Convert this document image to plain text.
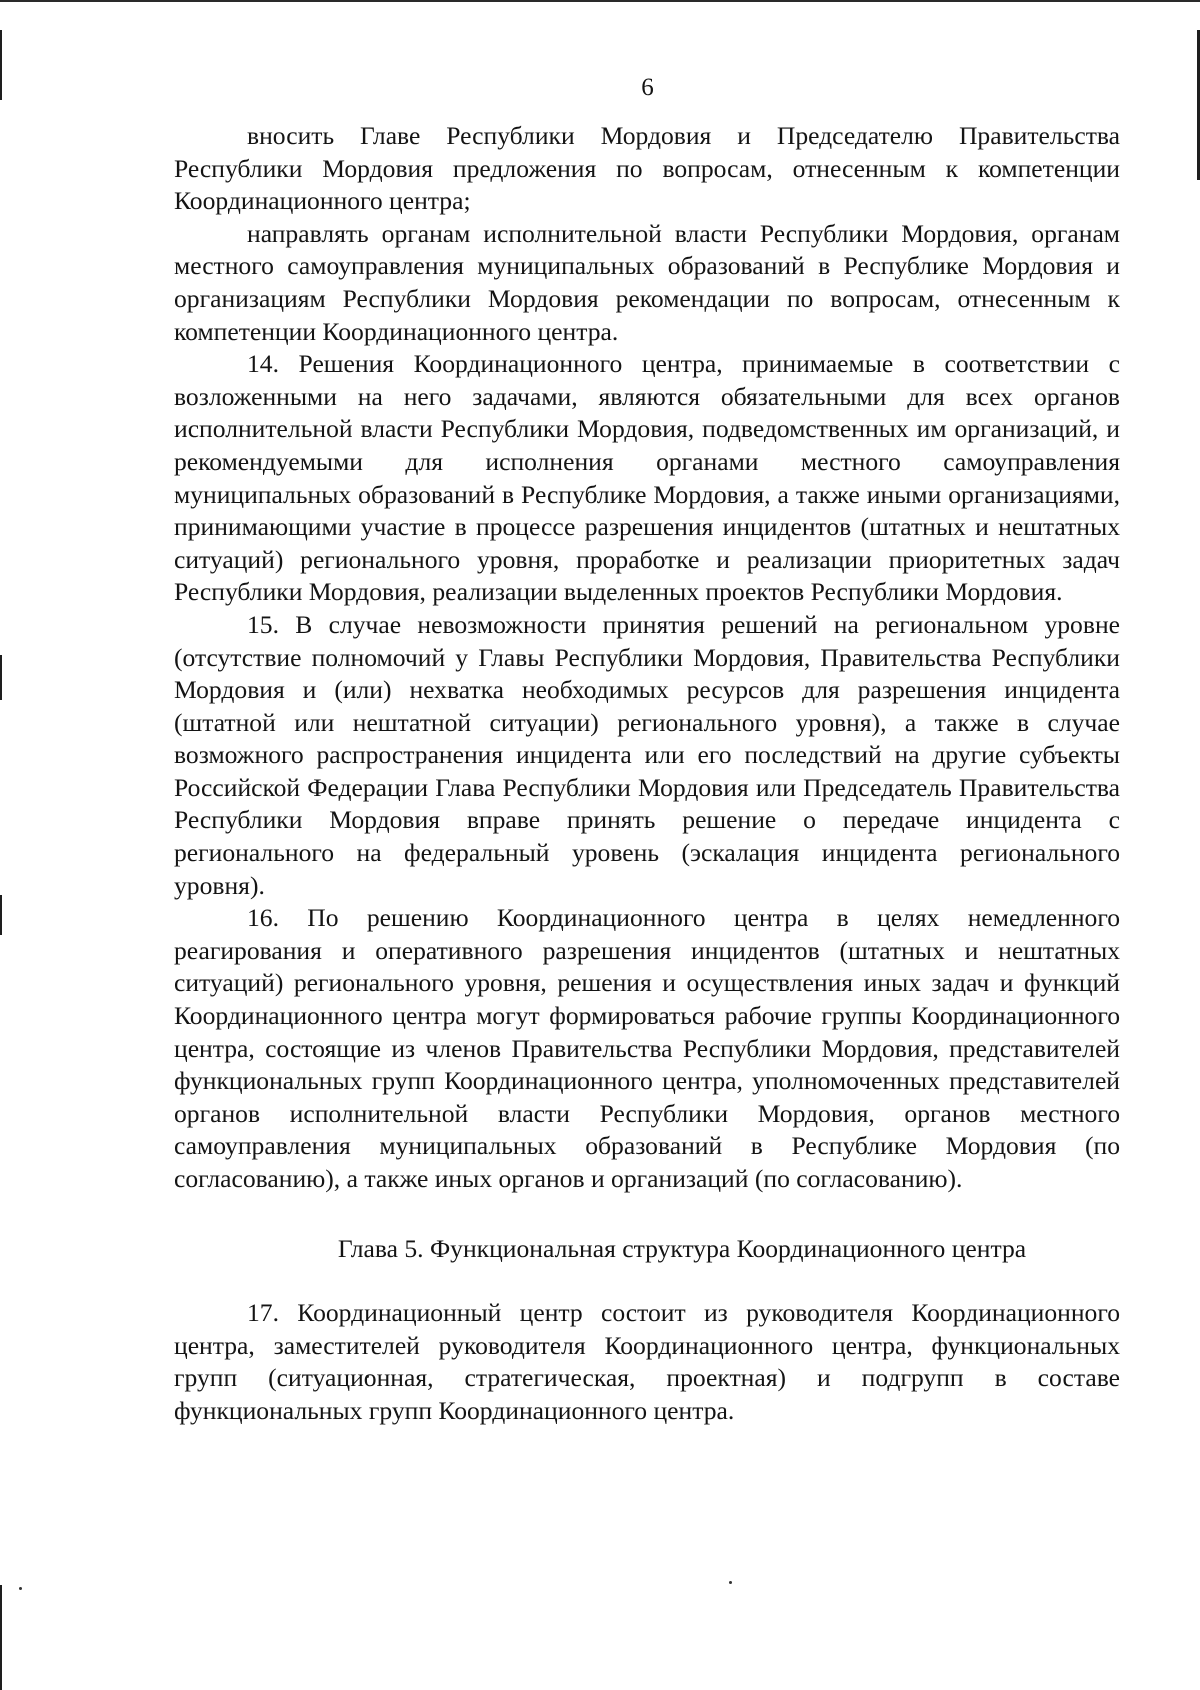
6

вносить Главе Республики Мордовия и Председателю Правительства Республики Мордовия предложения по вопросам, отнесенным к компетенции Координационного центра;

направлять органам исполнительной власти Республики Мордовия, органам местного самоуправления муниципальных образований в Республике Мордовия и организациям Республики Мордовия рекомендации по вопросам, отнесенным к компетенции Координационного центра.

14. Решения Координационного центра, принимаемые в соответствии с возложенными на него задачами, являются обязательными для всех органов исполнительной власти Республики Мордовия, подведомственных им организаций, и рекомендуемыми для исполнения органами местного самоуправления муниципальных образований в Республике Мордовия, а также иными организациями, принимающими участие в процессе разрешения инцидентов (штатных и нештатных ситуаций) регионального уровня, проработке и реализации приоритетных задач Республики Мордовия, реализации выделенных проектов Республики Мордовия.

15. В случае невозможности принятия решений на региональном уровне (отсутствие полномочий у Главы Республики Мордовия, Правительства Республики Мордовия и (или) нехватка необходимых ресурсов для разрешения инцидента (штатной или нештатной ситуации) регионального уровня), а также в случае возможного распространения инцидента или его последствий на другие субъекты Российской Федерации Глава Республики Мордовия или Председатель Правительства Республики Мордовия вправе принять решение о передаче инцидента с регионального на федеральный уровень (эскалация инцидента регионального уровня).

16. По решению Координационного центра в целях немедленного реагирования и оперативного разрешения инцидентов (штатных и нештатных ситуаций) регионального уровня, решения и осуществления иных задач и функций Координационного центра могут формироваться рабочие группы Координационного центра, состоящие из членов Правительства Республики Мордовия, представителей функциональных групп Координационного центра, уполномоченных представителей органов исполнительной власти Республики Мордовия, органов местного самоуправления муниципальных образований в Республике Мордовия (по согласованию), а также иных органов и организаций (по согласованию).

Глава 5. Функциональная структура Координационного центра

17. Координационный центр состоит из руководителя Координационного центра, заместителей руководителя Координационного центра, функциональных групп (ситуационная, стратегическая, проектная) и подгрупп в составе функциональных групп Координационного центра.
